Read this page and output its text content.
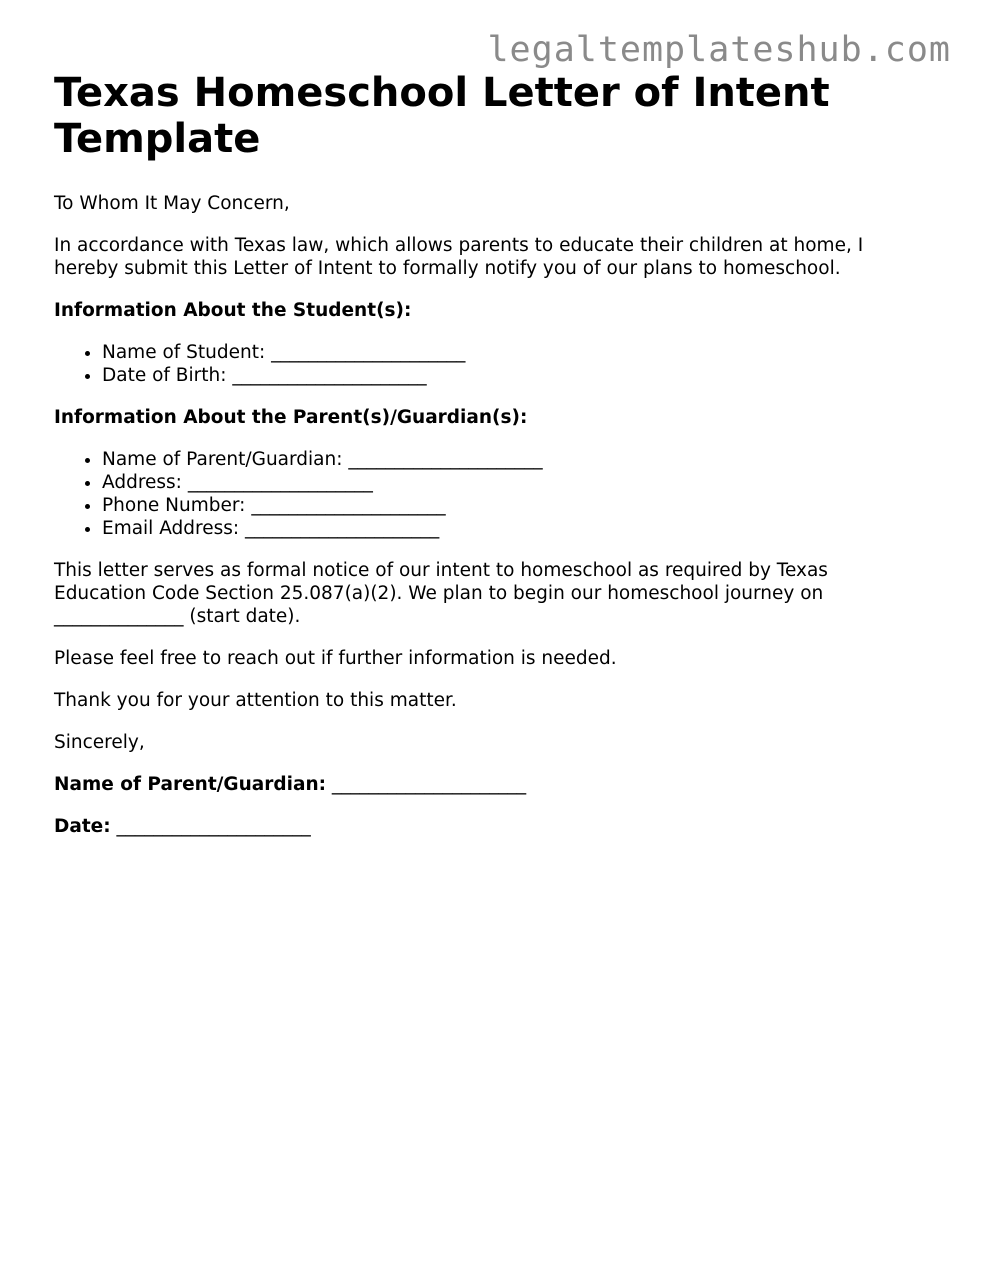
legaltemplateshub.com
Texas Homeschool Letter of Intent Template

To Whom It May Concern,

In accordance with Texas law, which allows parents to educate their children at home, I hereby submit this Letter of Intent to formally notify you of our plans to homeschool.

Information About the Student(s):

• Name of Student: _____________________
• Date of Birth: _____________________

Information About the Parent(s)/Guardian(s):

• Name of Parent/Guardian: _____________________
• Address: ____________________
• Phone Number: _____________________
• Email Address: _____________________

This letter serves as formal notice of our intent to homeschool as required by Texas Education Code Section 25.087(a)(2). We plan to begin our homeschool journey on ______________ (start date).

Please feel free to reach out if further information is needed.

Thank you for your attention to this matter.

Sincerely,

Name of Parent/Guardian: _____________________

Date: _____________________
